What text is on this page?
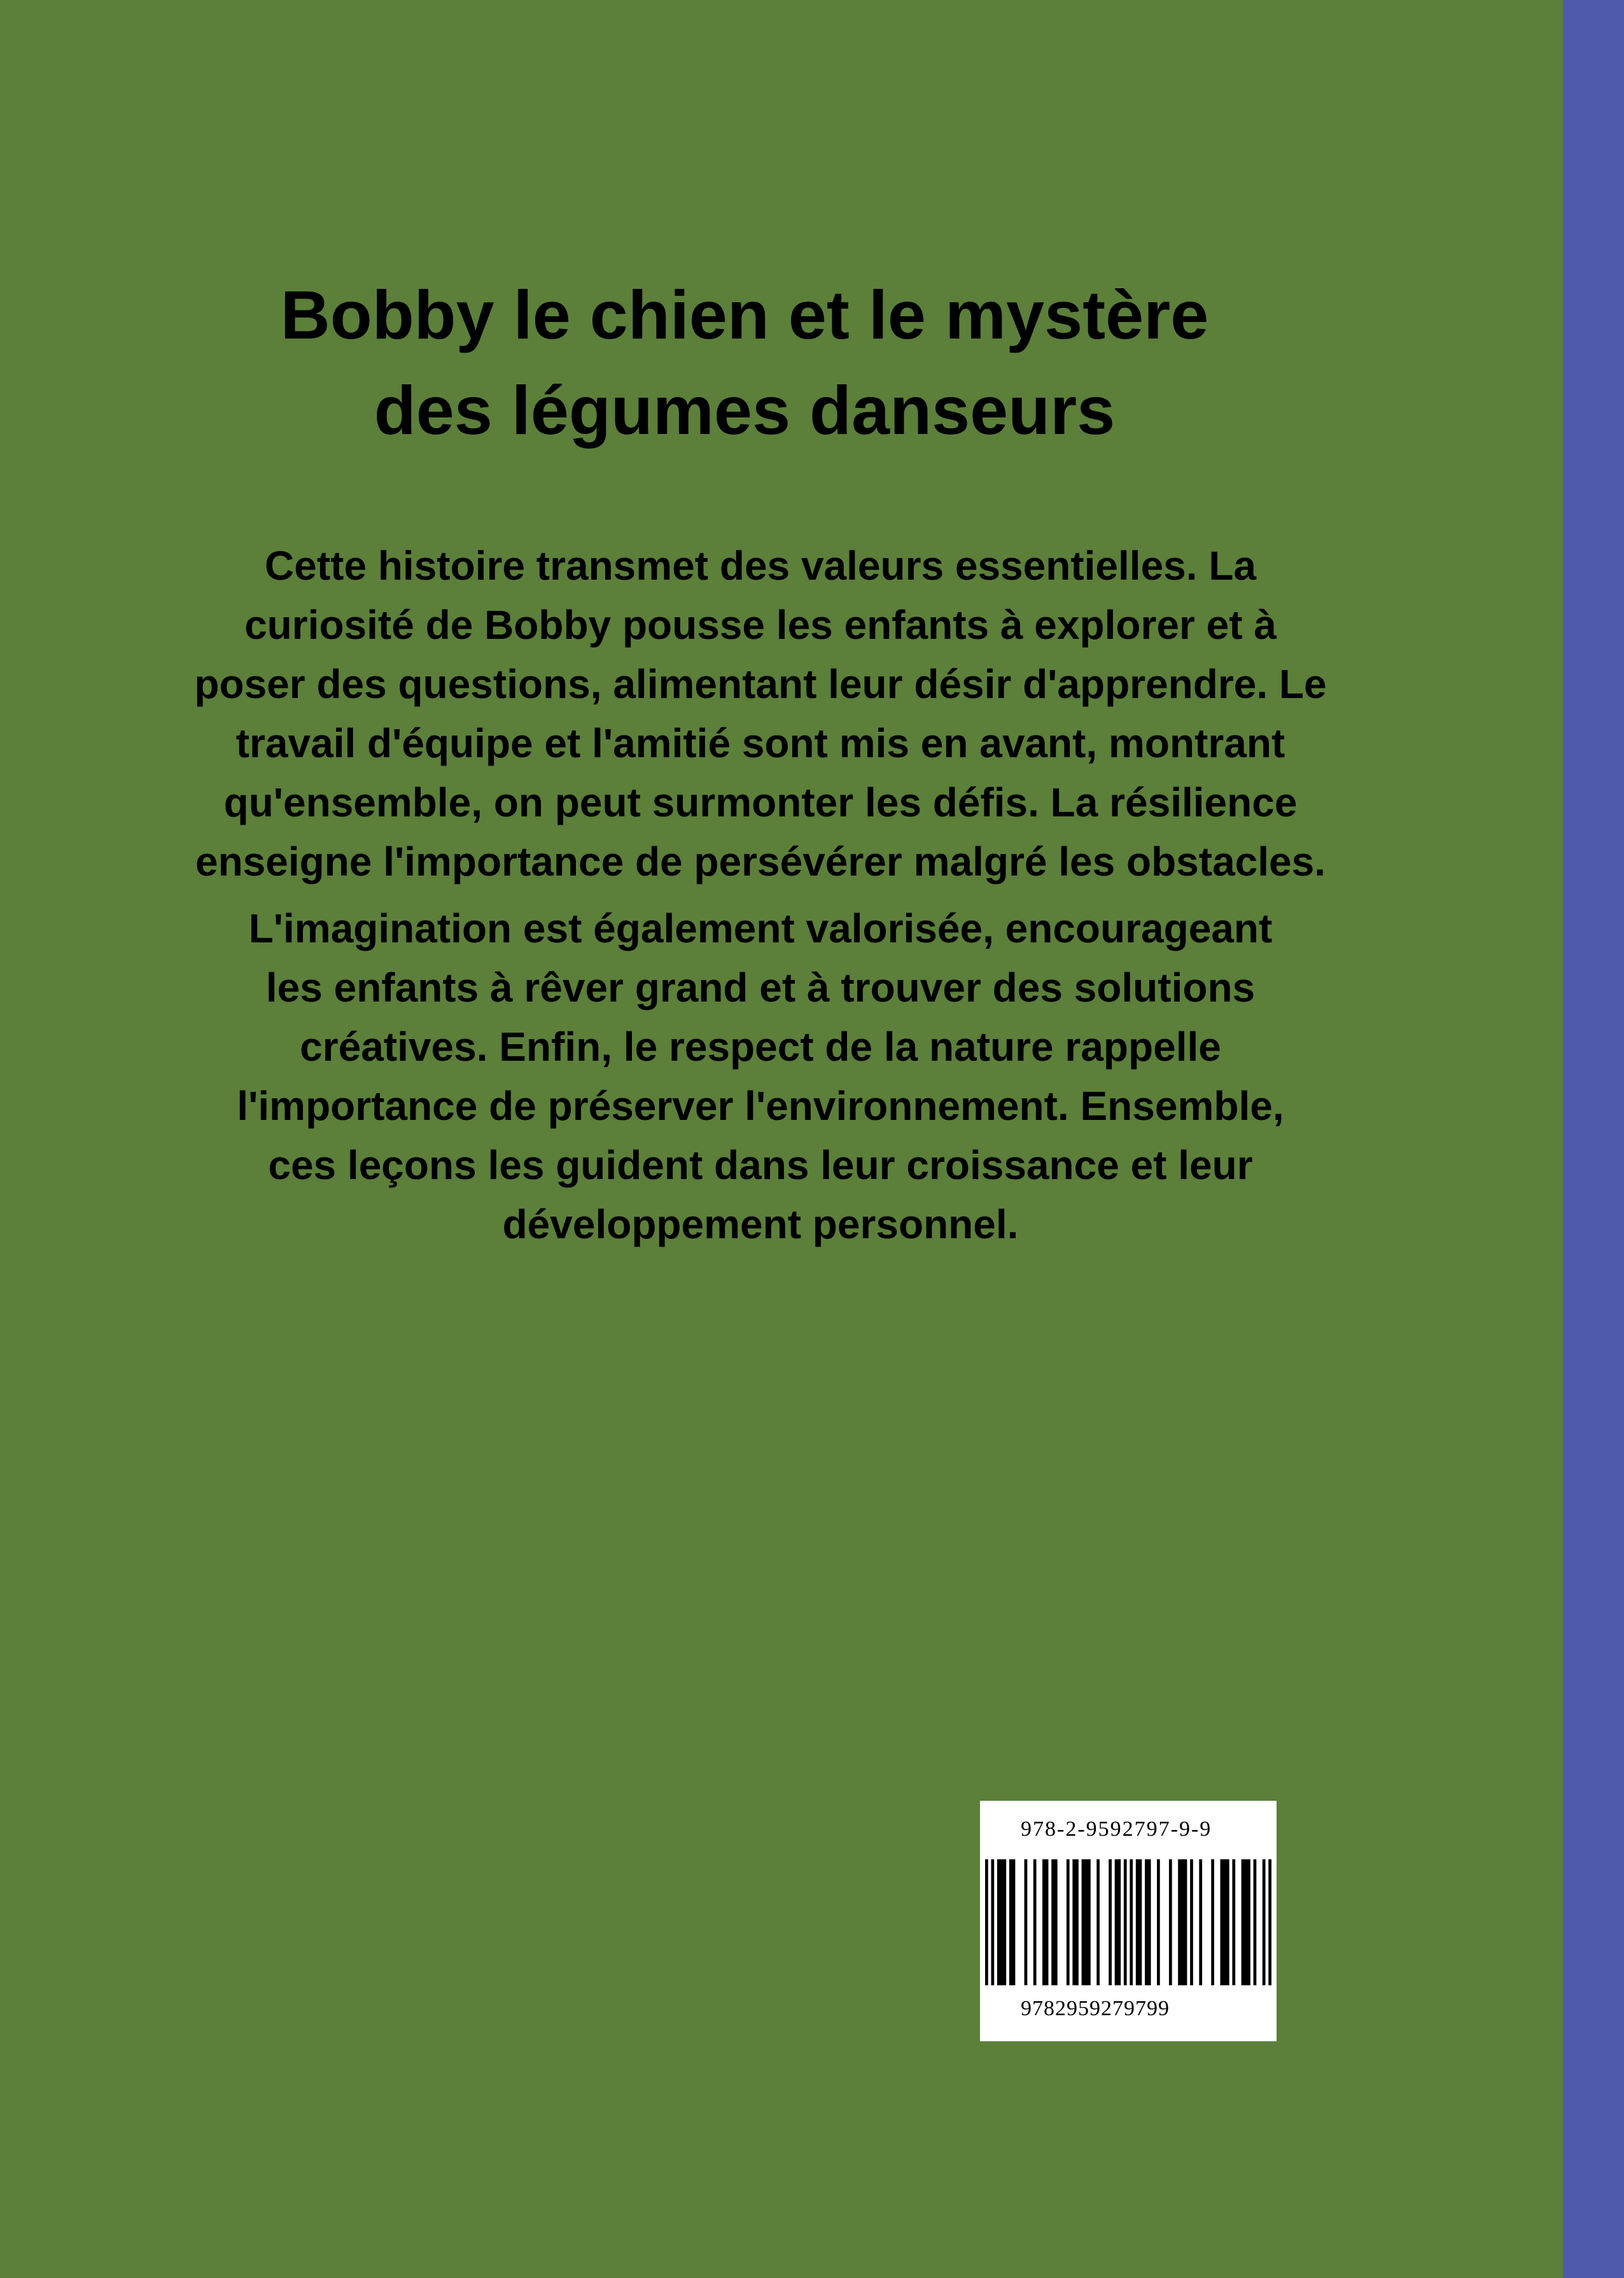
Bobby le chien et le mystère
des légumes danseurs

Cette histoire transmet des valeurs essentielles. La
curiosité de Bobby pousse les enfants à explorer et à
poser des questions, alimentant leur désir d'apprendre. Le
travail d'équipe et l'amitié sont mis en avant, montrant
qu'ensemble, on peut surmonter les défis. La résilience
enseigne l'importance de persévérer malgré les obstacles.

L'imagination est également valorisée, encourageant
les enfants à rêver grand et à trouver des solutions
créatives. Enfin, le respect de la nature rappelle
l'importance de préserver l'environnement. Ensemble,
ces leçons les guident dans leur croissance et leur
développement personnel.

978-2-9592797-9-9
9782959279799
